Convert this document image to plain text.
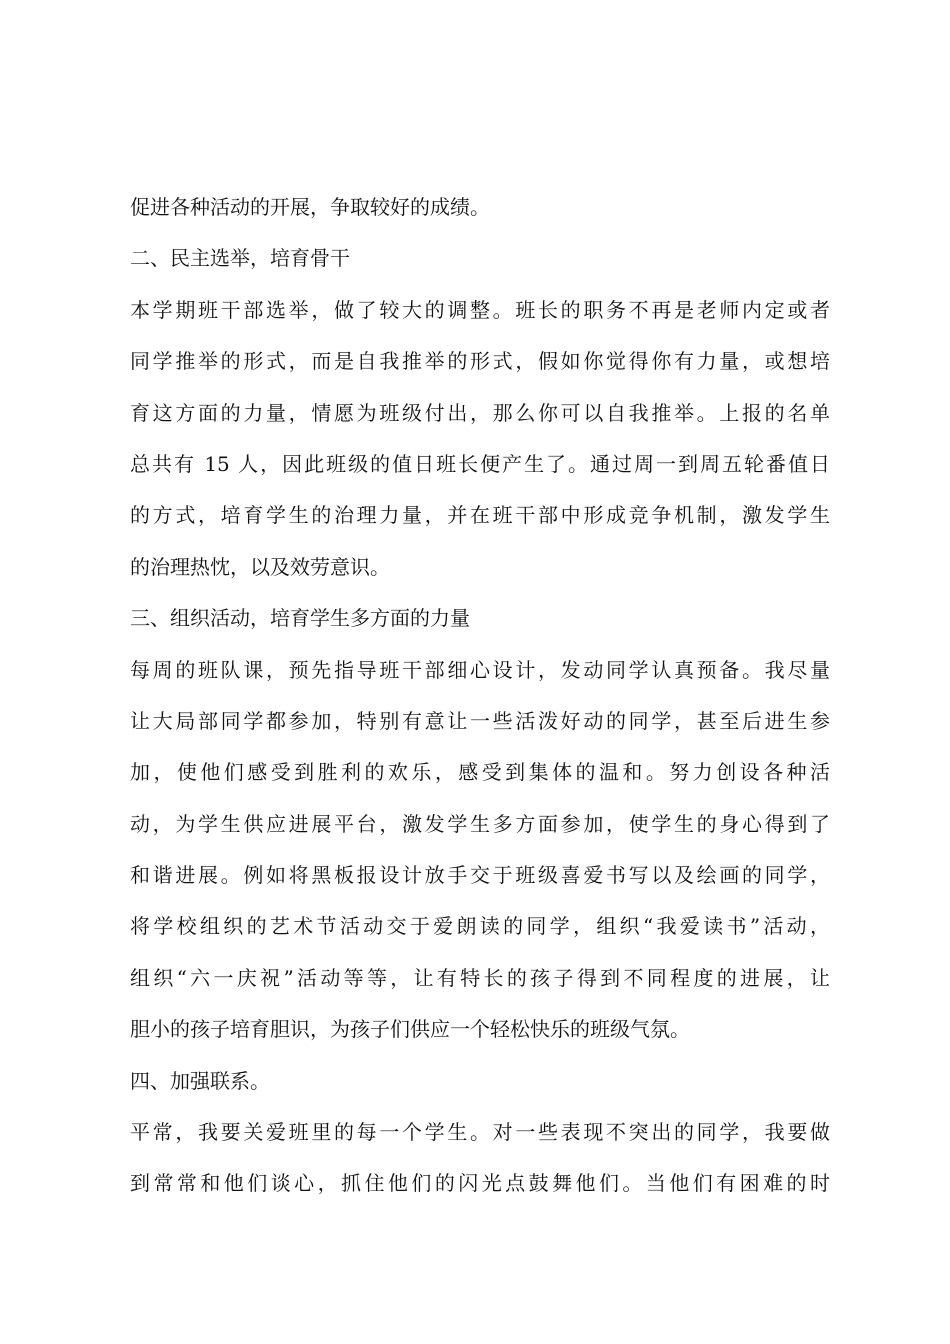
促进各种活动的开展，争取较好的成绩。
二、民主选举，培育骨干
本学期班干部选举，做了较大的调整。班长的职务不再是老师内定或者
同学推举的形式，而是自我推举的形式，假如你觉得你有力量，或想培
育这方面的力量，情愿为班级付出，那么你可以自我推举。上报的名单
总共有 15 人，因此班级的值日班长便产生了。通过周一到周五轮番值日
的方式，培育学生的治理力量，并在班干部中形成竞争机制，激发学生
的治理热忱，以及效劳意识。
三、组织活动，培育学生多方面的力量
每周的班队课，预先指导班干部细心设计，发动同学认真预备。我尽量
让大局部同学都参加，特别有意让一些活泼好动的同学，甚至后进生参
加，使他们感受到胜利的欢乐，感受到集体的温和。努力创设各种活
动，为学生供应进展平台，激发学生多方面参加，使学生的身心得到了
和谐进展。例如将黑板报设计放手交于班级喜爱书写以及绘画的同学，
将学校组织的艺术节活动交于爱朗读的同学，组织“我爱读书”活动，
组织“六一庆祝”活动等等，让有特长的孩子得到不同程度的进展，让
胆小的孩子培育胆识，为孩子们供应一个轻松快乐的班级气氛。
四、加强联系。
平常，我要关爱班里的每一个学生。对一些表现不突出的同学，我要做
到常常和他们谈心，抓住他们的闪光点鼓舞他们。当他们有困难的时
